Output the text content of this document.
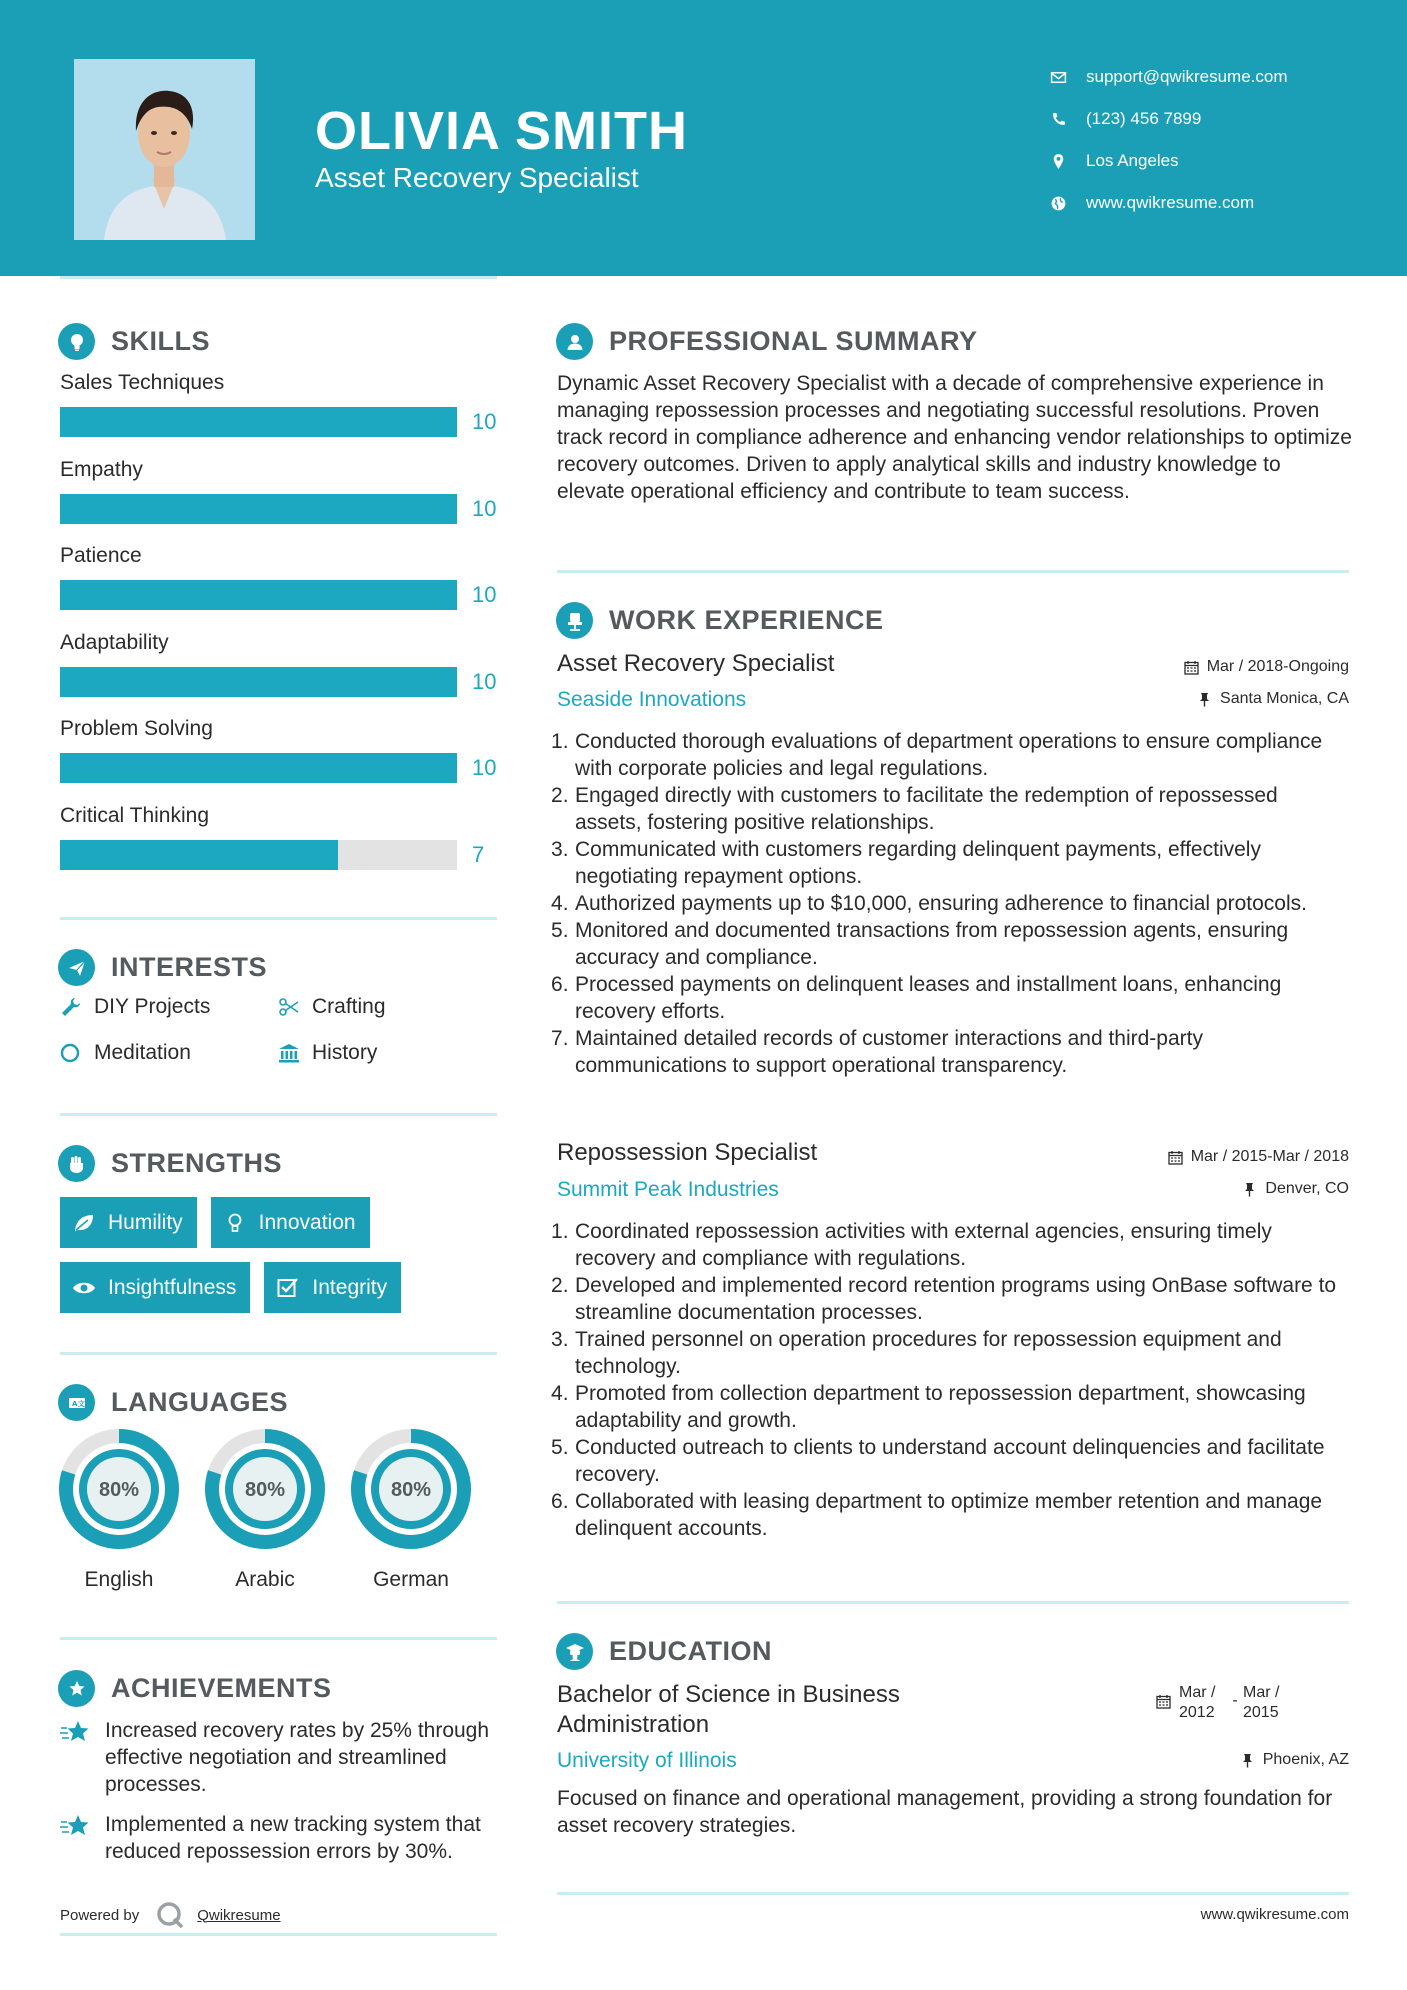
OLIVIA SMITH
Asset Recovery Specialist
support@qwikresume.com
(123) 456 7899
Los Angeles
www.qwikresume.com
SKILLS
Sales Techniques
10
Empathy
10
Patience
10
Adaptability
10
Problem Solving
10
Critical Thinking
7
INTERESTS
DIY Projects	Crafting
Meditation	History
STRENGTHS
Humility	Innovation
Insightfulness	Integrity
A文 LANGUAGES
80%
English
80%
Arabic
80%
German
ACHIEVEMENTS
Increased recovery rates by 25% through effective negotiation and streamlined processes.
Implemented a new tracking system that reduced repossession errors by 30%.
Powered by	Qwikresume
PROFESSIONAL SUMMARY
Dynamic Asset Recovery Specialist with a decade of comprehensive experience in managing repossession processes and negotiating successful resolutions. Proven track record in compliance adherence and enhancing vendor relationships to optimize recovery outcomes. Driven to apply analytical skills and industry knowledge to elevate operational efficiency and contribute to team success.
WORK EXPERIENCE
Asset Recovery Specialist	Mar / 2018-Ongoing
Seaside Innovations	Santa Monica, CA
Conducted thorough evaluations of department operations to ensure compliance with corporate policies and legal regulations.
Engaged directly with customers to facilitate the redemption of repossessed assets, fostering positive relationships.
Communicated with customers regarding delinquent payments, effectively negotiating repayment options.
Authorized payments up to $10,000, ensuring adherence to financial protocols.
Monitored and documented transactions from repossession agents, ensuring accuracy and compliance.
Processed payments on delinquent leases and installment loans, enhancing recovery efforts.
Maintained detailed records of customer interactions and third-party communications to support operational transparency.
Repossession Specialist	Mar / 2015-Mar / 2018
Summit Peak Industries	Denver, CO
Coordinated repossession activities with external agencies, ensuring timely recovery and compliance with regulations.
Developed and implemented record retention programs using OnBase software to streamline documentation processes.
Trained personnel on operation procedures for repossession equipment and technology.
Promoted from collection department to repossession department, showcasing adaptability and growth.
Conducted outreach to clients to understand account delinquencies and facilitate recovery.
Collaborated with leasing department to optimize member retention and manage delinquent accounts.
EDUCATION
Bachelor of Science in Business Administration
Mar / 2012
- Mar / 2015
University of Illinois	Phoenix, AZ
Focused on finance and operational management, providing a strong foundation for asset recovery strategies.
www.qwikresume.com
